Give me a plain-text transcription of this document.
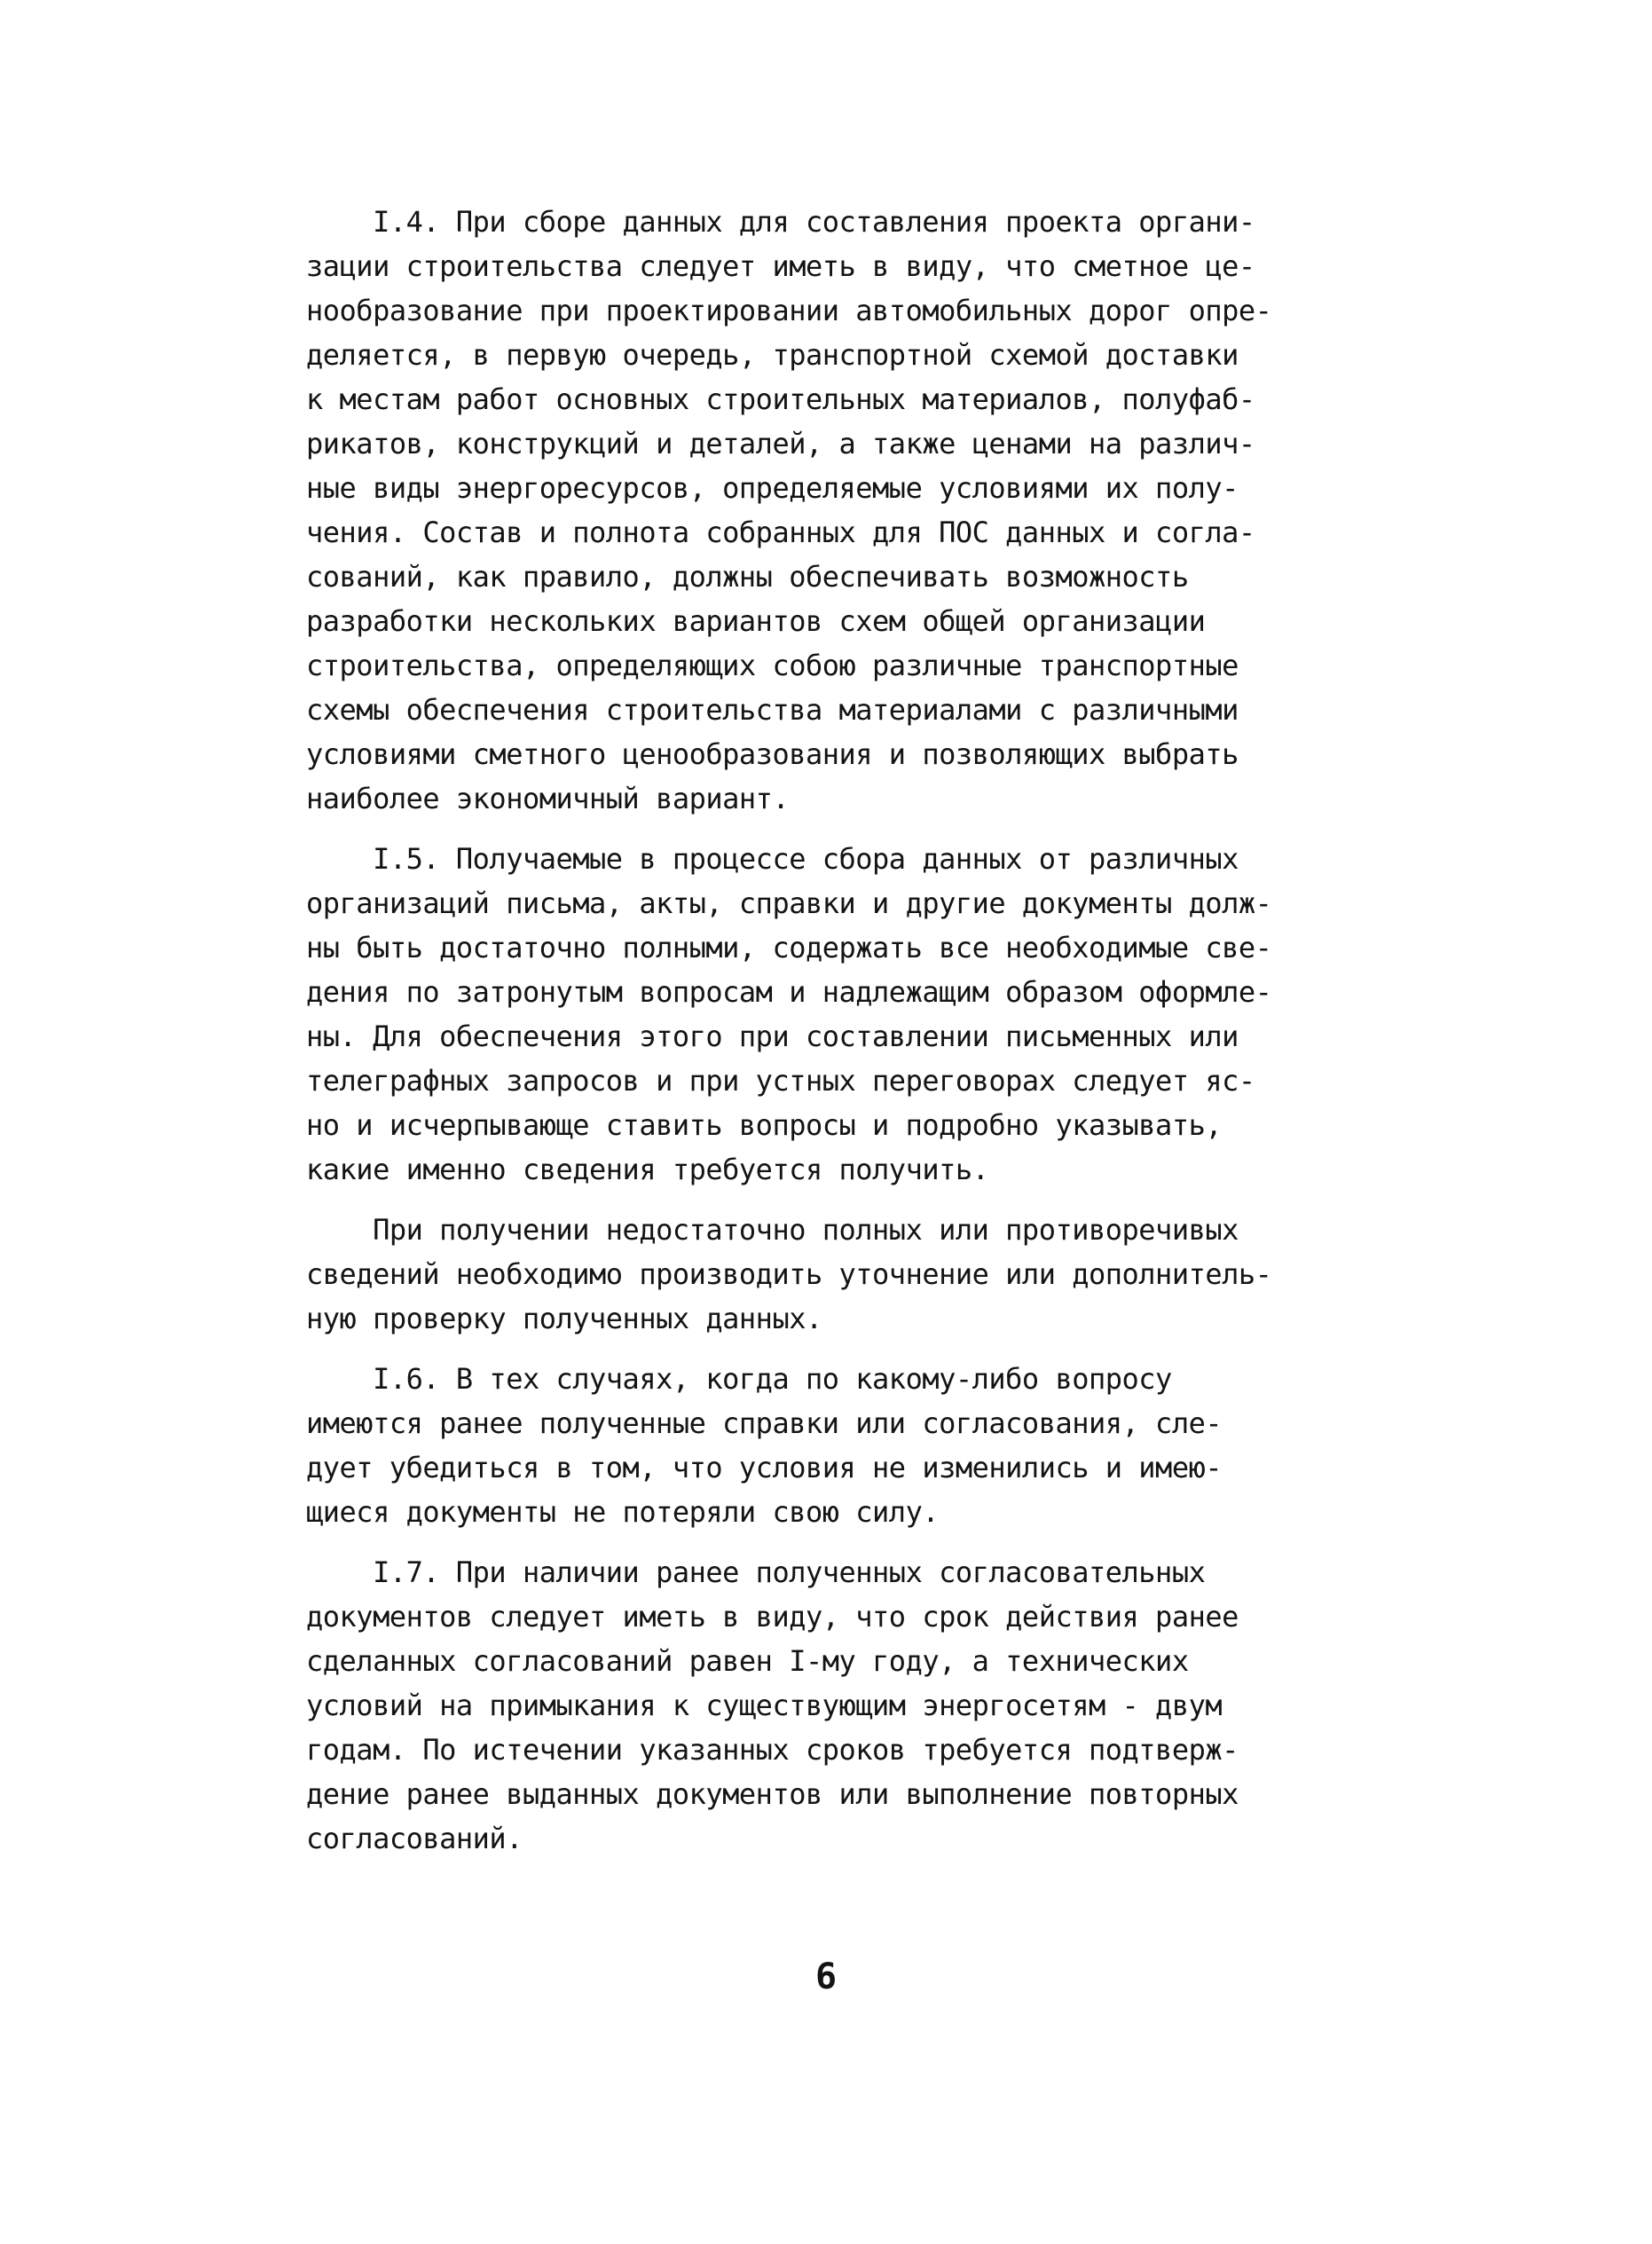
I.4. При сборе данных для составления проекта органи-
зации строительства следует иметь в виду, что сметное це-
нообразование при проектировании автомобильных дорог опре-
деляется, в первую очередь, транспортной схемой доставки
к местам работ основных строительных материалов, полуфаб-
рикатов, конструкций и деталей, а также ценами на различ-
ные виды энергоресурсов, определяемые условиями их полу-
чения. Состав и полнота собранных для ПОС данных и согла-
сований, как правило, должны обеспечивать возможность
разработки нескольких вариантов схем общей организации
строительства, определяющих собою различные транспортные
схемы обеспечения строительства материалами с различными
условиями сметного ценообразования и позволяющих выбрать
наиболее экономичный вариант.
I.5. Получаемые в процессе сбора данных от различных
организаций письма, акты, справки и другие документы долж-
ны быть достаточно полными, содержать все необходимые све-
дения по затронутым вопросам и надлежащим образом оформле-
ны. Для обеспечения этого при составлении письменных или
телеграфных запросов и при устных переговорах следует яс-
но и исчерпывающе ставить вопросы и подробно указывать,
какие именно сведения требуется получить.
При получении недостаточно полных или противоречивых
сведений необходимо производить уточнение или дополнитель-
ную проверку полученных данных.
I.6. В тех случаях, когда по какому-либо вопросу
имеются ранее полученные справки или согласования, сле-
дует убедиться в том, что условия не изменились и имею-
щиеся документы не потеряли свою силу.
I.7. При наличии ранее полученных согласовательных
документов следует иметь в виду, что срок действия ранее
сделанных согласований равен I-му году, а технических
условий на примыкания к существующим энергосетям - двум
годам. По истечении указанных сроков требуется подтверж-
дение ранее выданных документов или выполнение повторных
согласований.
6
